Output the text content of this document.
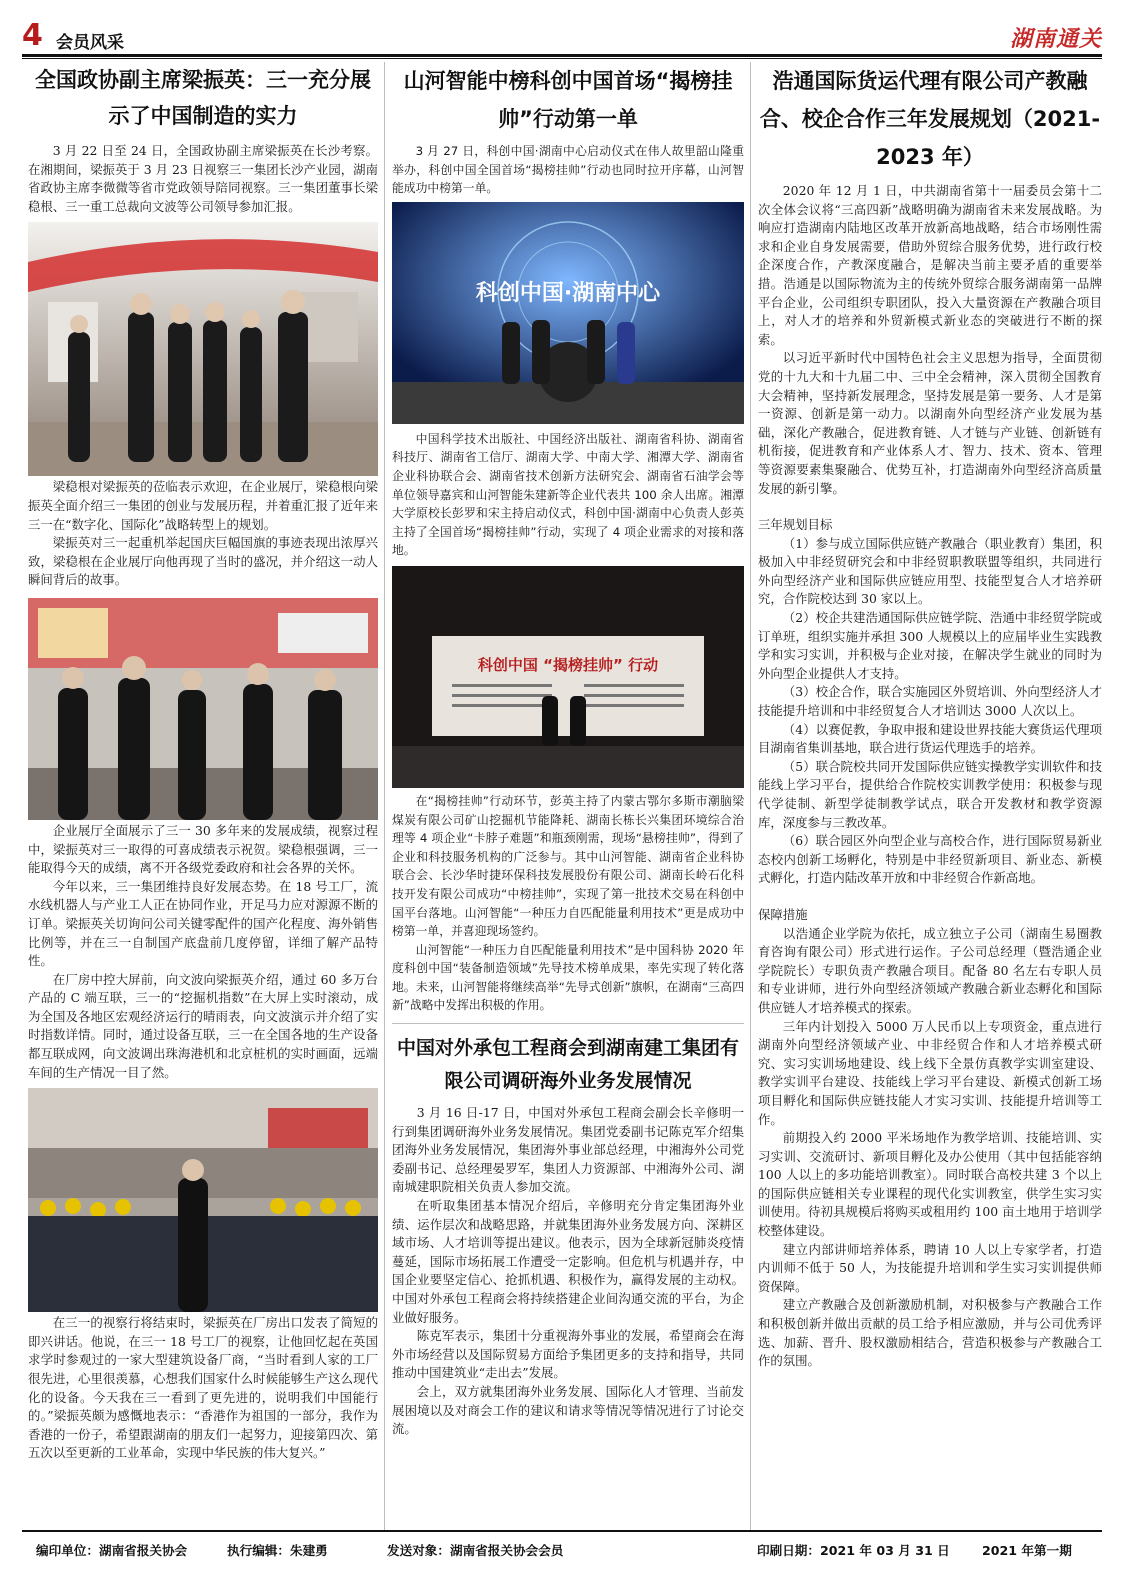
4 会员风采	湖南通关
全国政协副主席梁振英：三一充分展示了中国制造的实力

3 月 22 日至 24 日，全国政协副主席梁振英在长沙考察。在湘期间，梁振英于 3 月 23 日视察三一集团长沙产业园，湖南省政协主席李微微等省市党政领导陪同视察。三一集团董事长梁稳根、三一重工总裁向文波等公司领导参加汇报。

梁稳根对梁振英的莅临表示欢迎，在企业展厅，梁稳根向梁振英全面介绍三一集团的创业与发展历程，并着重汇报了近年来三一在“数字化、国际化”战略转型上的规划。

梁振英对三一起重机举起国庆巨幅国旗的事迹表现出浓厚兴致，梁稳根在企业展厅向他再现了当时的盛况，并介绍这一动人瞬间背后的故事。

企业展厅全面展示了三一 30 多年来的发展成绩，视察过程中，梁振英对三一取得的可喜成绩表示祝贺。梁稳根强调，三一能取得今天的成绩，离不开各级党委政府和社会各界的关怀。

今年以来，三一集团维持良好发展态势。在 18 号工厂，流水线机器人与产业工人正在协同作业，开足马力应对源源不断的订单。梁振英关切询问公司关键零配件的国产化程度、海外销售比例等，并在三一自制国产底盘前几度停留，详细了解产品特性。

在厂房中控大屏前，向文波向梁振英介绍，通过 60 多万台产品的 C 端互联，三一的“挖掘机指数”在大屏上实时滚动，成为全国及各地区宏观经济运行的晴雨表，向文波演示并介绍了实时指数详情。同时，通过设备互联，三一在全国各地的生产设备都互联成网，向文波调出珠海港机和北京桩机的实时画面，远端车间的生产情况一目了然。

在三一的视察行将结束时，梁振英在厂房出口发表了简短的即兴讲话。他说，在三一 18 号工厂的视察，让他回忆起在英国求学时参观过的一家大型建筑设备厂商，“当时看到人家的工厂很先进，心里很羡慕，心想我们国家什么时候能够生产这么现代化的设备。今天我在三一看到了更先进的，说明我们中国能行的。”梁振英颇为感慨地表示：“香港作为祖国的一部分，我作为香港的一份子，希望跟湖南的朋友们一起努力，迎接第四次、第五次以至更新的工业革命，实现中华民族的伟大复兴。”

山河智能中榜科创中国首场“揭榜挂帅”行动第一单

3 月 27 日，科创中国·湖南中心启动仪式在伟人故里韶山隆重举办，科创中国全国首场“揭榜挂帅”行动也同时拉开序幕，山河智能成功中榜第一单。

科创中国·湖南中心

中国科学技术出版社、中国经济出版社、湖南省科协、湖南省科技厅、湖南省工信厅、湖南大学、中南大学、湘潭大学、湖南省企业科协联合会、湖南省技术创新方法研究会、湖南省石油学会等单位领导嘉宾和山河智能朱建新等企业代表共 100 余人出席。湘潭大学原校长彭罗和宋主持启动仪式，科创中国·湖南中心负责人彭英主持了全国首场“揭榜挂帅”行动，实现了 4 项企业需求的对接和落地。

科创中国 “揭榜挂帅” 行动

在“揭榜挂帅”行动环节，彭英主持了内蒙古鄂尔多斯市潮脑梁煤炭有限公司矿山挖掘机节能降耗、湖南长栋长兴集团环境综合治理等 4 项企业“卡脖子难题”和瓶颈刚需，现场“悬榜挂帅”，得到了企业和科技服务机构的广泛参与。其中山河智能、湖南省企业科协联合会、长沙华时捷环保科技发展股份有限公司、湖南长岭石化科技开发有限公司成功“中榜挂帅”，实现了第一批技术交易在科创中国平台落地。山河智能“一种压力自匹配能量利用技术”更是成功中榜第一单，并喜迎现场签约。

山河智能“一种压力自匹配能量利用技术”是中国科协 2020 年度科创中国“装备制造领域”先导技术榜单成果，率先实现了转化落地。未来，山河智能将继续高举“先导式创新”旗帜，在湖南“三高四新”战略中发挥出积极的作用。

中国对外承包工程商会到湖南建工集团有限公司调研海外业务发展情况

3 月 16 日-17 日，中国对外承包工程商会副会长辛修明一行到集团调研海外业务发展情况。集团党委副书记陈克军介绍集团海外业务发展情况，集团海外事业部总经理，中湘海外公司党委副书记、总经理晏罗军，集团人力资源部、中湘海外公司、湖南城建职院相关负责人参加交流。

在听取集团基本情况介绍后，辛修明充分肯定集团海外业绩、运作层次和战略思路，并就集团海外业务发展方向、深耕区域市场、人才培训等提出建议。他表示，因为全球新冠肺炎疫情蔓延，国际市场拓展工作遭受一定影响。但危机与机遇并存，中国企业要坚定信心、抢抓机遇、积极作为，赢得发展的主动权。中国对外承包工程商会将持续搭建企业间沟通交流的平台，为企业做好服务。

陈克军表示，集团十分重视海外事业的发展，希望商会在海外市场经营以及国际贸易方面给予集团更多的支持和指导，共同推动中国建筑业“走出去”发展。

会上，双方就集团海外业务发展、国际化人才管理、当前发展困境以及对商会工作的建议和请求等情况等情况进行了讨论交流。

浩通国际货运代理有限公司产教融合、校企合作三年发展规划（2021-2023 年）

2020 年 12 月 1 日，中共湖南省第十一届委员会第十二次全体会议将“三高四新”战略明确为湖南省未来发展战略。为响应打造湖南内陆地区改革开放新高地战略，结合市场刚性需求和企业自身发展需要，借助外贸综合服务优势，进行政行校企深度合作，产教深度融合，是解决当前主要矛盾的重要举措。浩通是以国际物流为主的传统外贸综合服务湖南第一品牌平台企业，公司组织专职团队，投入大量资源在产教融合项目上，对人才的培养和外贸新模式新业态的突破进行不断的探索。

以习近平新时代中国特色社会主义思想为指导，全面贯彻党的十九大和十九届二中、三中全会精神，深入贯彻全国教育大会精神，坚持新发展理念，坚持发展是第一要务、人才是第一资源、创新是第一动力。以湖南外向型经济产业发展为基础，深化产教融合，促进教育链、人才链与产业链、创新链有机衔接，促进教育和产业体系人才、智力、技术、资本、管理等资源要素集聚融合、优势互补，打造湖南外向型经济高质量发展的新引擎。

三年规划目标

（1）参与成立国际供应链产教融合（职业教育）集团，积极加入中非经贸研究会和中非经贸职教联盟等组织，共同进行外向型经济产业和国际供应链应用型、技能型复合人才培养研究，合作院校达到 30 家以上。

（2）校企共建浩通国际供应链学院、浩通中非经贸学院或订单班，组织实施并承担 300 人规模以上的应届毕业生实践教学和实习实训，并积极与企业对接，在解决学生就业的同时为外向型企业提供人才支持。

（3）校企合作，联合实施园区外贸培训、外向型经济人才技能提升培训和中非经贸复合人才培训达 3000 人次以上。

（4）以赛促教，争取申报和建设世界技能大赛货运代理项目湖南省集训基地，联合进行货运代理选手的培养。

（5）联合院校共同开发国际供应链实操教学实训软件和技能线上学习平台，提供给合作院校实训教学使用：积极参与现代学徒制、新型学徒制教学试点，联合开发教材和教学资源库，深度参与三教改革。

（6）联合园区外向型企业与高校合作，进行国际贸易新业态校内创新工场孵化，特别是中非经贸新项目、新业态、新模式孵化，打造内陆改革开放和中非经贸合作新高地。

保障措施

以浩通企业学院为依托，成立独立子公司（湖南生易圈教育咨询有限公司）形式进行运作。子公司总经理（暨浩通企业学院院长）专职负责产教融合项目。配备 80 名左右专职人员和专业讲师，进行外向型经济领域产教融合新业态孵化和国际供应链人才培养模式的探索。

三年内计划投入 5000 万人民币以上专项资金，重点进行湖南外向型经济领域产业、中非经贸合作和人才培养模式研究、实习实训场地建设、线上线下全景仿真教学实训室建设、教学实训平台建设、技能线上学习平台建设、新模式创新工场项目孵化和国际供应链技能人才实习实训、技能提升培训等工作。

前期投入约 2000 平米场地作为教学培训、技能培训、实习实训、交流研讨、新项目孵化及办公使用（其中包括能容纳 100 人以上的多功能培训教室）。同时联合高校共建 3 个以上的国际供应链相关专业课程的现代化实训教室，供学生实习实训使用。待初具规模后将购买或租用约 100 亩土地用于培训学校整体建设。

建立内部讲师培养体系，聘请 10 人以上专家学者，打造内训师不低于 50 人，为技能提升培训和学生实习实训提供师资保障。

建立产教融合及创新激励机制，对积极参与产教融合工作和积极创新并做出贡献的员工给予相应激励，并与公司优秀评选、加薪、晋升、股权激励相结合，营造积极参与产教融合工作的氛围。

编印单位：湖南省报关协会	执行编辑：朱建勇	发送对象：湖南省报关协会会员	印刷日期：2021 年 03 月 31 日	2021 年第一期
